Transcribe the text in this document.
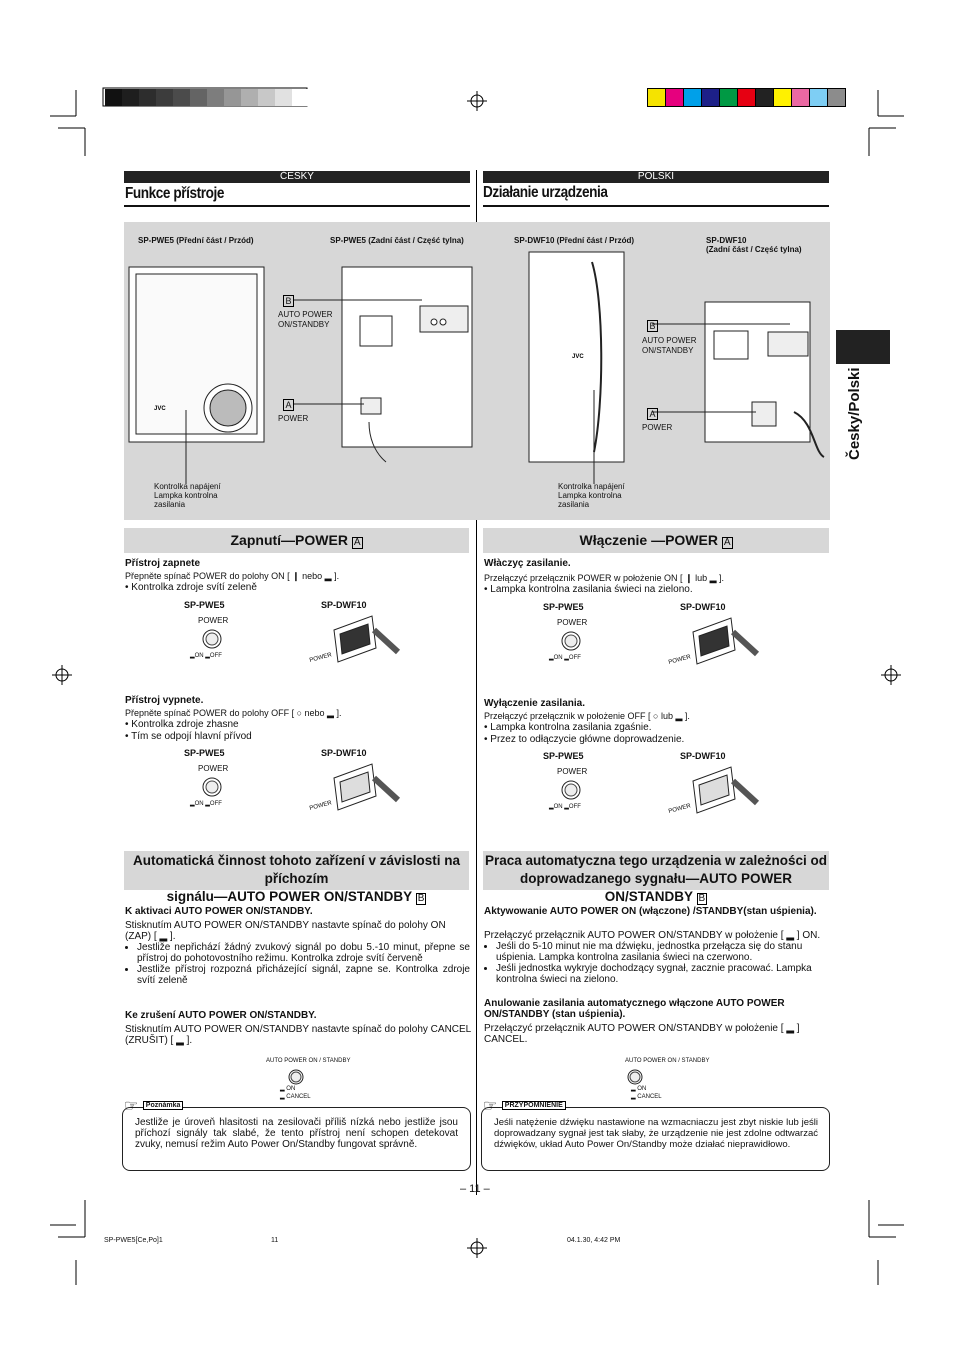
ČESKY	POLSKI
Funkce přístroje	Działanie urządzenia
Česky/Polski
SP-PWE5 (Přední část / Przód)	SP-PWE5 (Zadní část / Część tylna)	SP-DWF10 (Přední část / Przód)	SP-DWF10
(Zadní část / Część tylna)
JVC
JVC
B
AUTO POWER
ON/STANDBY
A
POWER
B
AUTO POWER
ON/STANDBY
A
POWER
Kontrolka napájení
Lampka kontrolna
zasilania
Kontrolka napájení
Lampka kontrolna
zasilania
Zapnutí—POWER A	Włączenie —POWER A
Přístroj zapnete
Přepněte spínač POWER do polohy ON [ ❙ nebo ▂ ].
• Kontrolka zdroje svítí zeleně
Přístroj vypnete.
Přepněte spínač POWER do polohy OFF [ ○ nebo ▂ ].
• Kontrolka zdroje zhasne
• Tím se odpojí hlavní přívod
Włàczyç zasilanie.
Przełączyć przełącznik POWER w położenie ON [ ❙ lub ▂ ].
• Lampka kontrolna zasilania świeci na zielono.
Wyłączenie zasilania.
Przełączyć przełącznik w położenie OFF [ ○ lub ▂ ].
• Lampka kontrolna zasilania zgaśnie.
• Przez to odłączycie główne doprowadzenie.
SP-PWE5	SP-DWF10
POWER
▂ON ▂OFF	POWER
SP-PWE5	SP-DWF10
POWER
▂ON ▂OFF	POWER
SP-PWE5	SP-DWF10
POWER
▂ON ▂OFF	POWER
SP-PWE5	SP-DWF10
POWER
▂ON ▂OFF	POWER
Automatická činnost tohoto zařízení v závislosti na příchozím
signálu—AUTO POWER ON/STANDBY B
Praca automatyczna tego urządzenia w zależności od
doprowadzanego sygnału—AUTO POWER ON/STANDBY B
K aktivaci AUTO POWER ON/STANDBY.
Stisknutím AUTO POWER ON/STANDBY nastavte spínač do polohy ON (ZAP) [ ▂ ].
• Jestliže nepřichází žádný zvukový signál po dobu 5.-10 minut, přepne se přístroj do pohotovostního režimu. Kontrolka zdroje svítí červeně
• Jestliže přístroj rozpozná přicházející signál, zapne se. Kontrolka zdroje svítí zeleně
Ke zrušení AUTO POWER ON/STANDBY.
Stisknutím AUTO POWER ON/STANDBY nastavte spínač do polohy CANCEL (ZRUŠIT) [ ▂ ].
Aktywowanie AUTO POWER ON (włączone) /STANDBY(stan uśpienia).
Przełączyć przełącznik AUTO POWER ON/STANDBY w położenie [ ▂ ] ON.
• Jeśli do 5-10 minut nie ma dźwięku, jednostka przełącza się do stanu uśpienia. Lampka kontrolna zasilania świeci na czerwono.
• Jeśli jednostka wykryje dochodzący sygnał, zacznie pracować. Lampka kontrolna świeci na zielono.
Anulowanie zasilania automatycznego włączone AUTO POWER ON/STANDBY (stan uśpienia).
Przełączyć przełącznik AUTO POWER ON/STANDBY w położenie [ ▂ ] CANCEL.
AUTO POWER ON / STANDBY
▂ ON
▂ CANCEL
AUTO POWER ON / STANDBY
▂ ON
▂ CANCEL
☞ $^{Poznámka}$
Jestliže je úroveň hlasitosti na zesilovači příliš nízká nebo jestliže jsou příchozí signály tak slabé, že tento přístroj není schopen detekovat zvuky, nemusí režim Auto Power On/Standby fungovat správně.
☞ $^{PRZYPOMNIENIE}$
Jeśli natężenie dźwięku nastawione na wzmacniaczu jest zbyt niskie lub jeśli doprowadzany sygnał jest tak słaby, że urządzenie nie jest zdolne odtwarzać dźwięków, układ Auto Power On/Standby może działać nieprawidłowo.
– 11 –
SP-PWE5[Ce,Po]1	11	04.1.30, 4:42 PM
